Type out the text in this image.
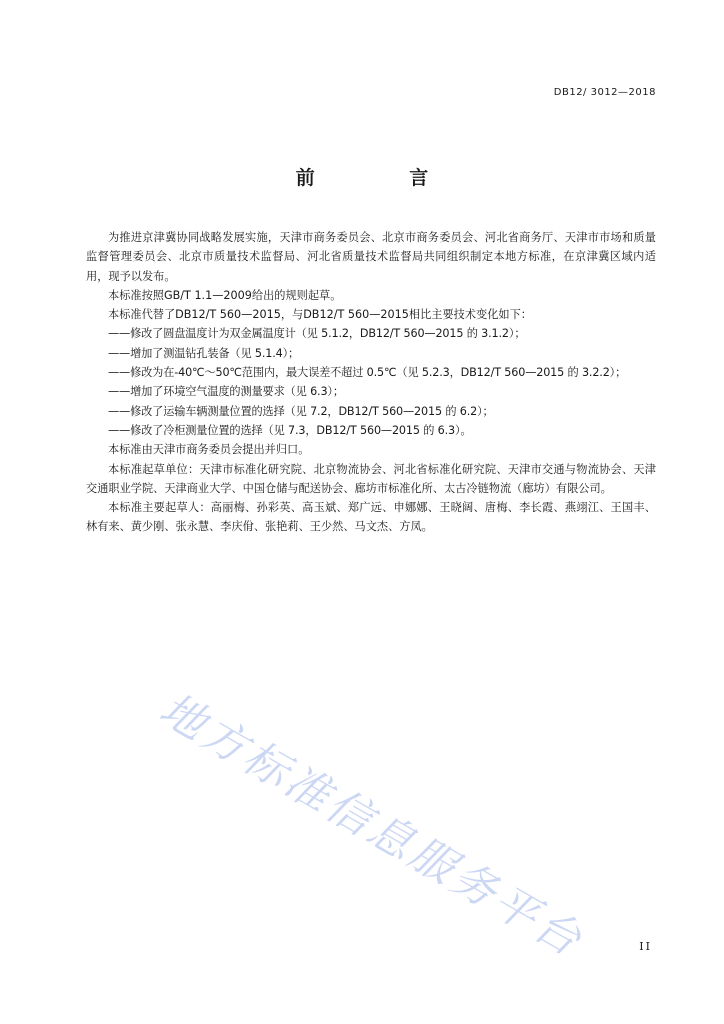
DB12/ 3012—2018
前 言

为推进京津冀协同战略发展实施，天津市商务委员会、北京市商务委员会、河北省商务厅、天津市市场和质量监督管理委员会、北京市质量技术监督局、河北省质量技术监督局共同组织制定本地方标准，在京津冀区域内适用，现予以发布。

本标准按照GB/T 1.1—2009给出的规则起草。

本标准代替了DB12/T 560—2015，与DB12/T 560—2015相比主要技术变化如下：

——修改了圆盘温度计为双金属温度计（见 5.1.2，DB12/T 560—2015 的 3.1.2）；

——增加了测温钻孔装备（见 5.1.4）；

——修改为在-40℃～50℃范围内，最大误差不超过 0.5℃（见 5.2.3，DB12/T 560—2015 的 3.2.2）；

——增加了环境空气温度的测量要求（见 6.3）；

——修改了运输车辆测量位置的选择（见 7.2，DB12/T 560—2015 的 6.2）；

——修改了冷柜测量位置的选择（见 7.3，DB12/T 560—2015 的 6.3）。

本标准由天津市商务委员会提出并归口。

本标准起草单位：天津市标准化研究院、北京物流协会、河北省标准化研究院、天津市交通与物流协会、天津交通职业学院、天津商业大学、中国仓储与配送协会、廊坊市标准化所、太古冷链物流（廊坊）有限公司。

本标准主要起草人：高丽梅、孙彩英、高玉斌、郑广远、申娜娜、王晓阔、唐梅、李长霞、燕翊江、王国丰、林有来、黄少刚、张永慧、李庆佾、张艳莉、王少然、马文杰、方凤。

地方标准信息服务平台	II
